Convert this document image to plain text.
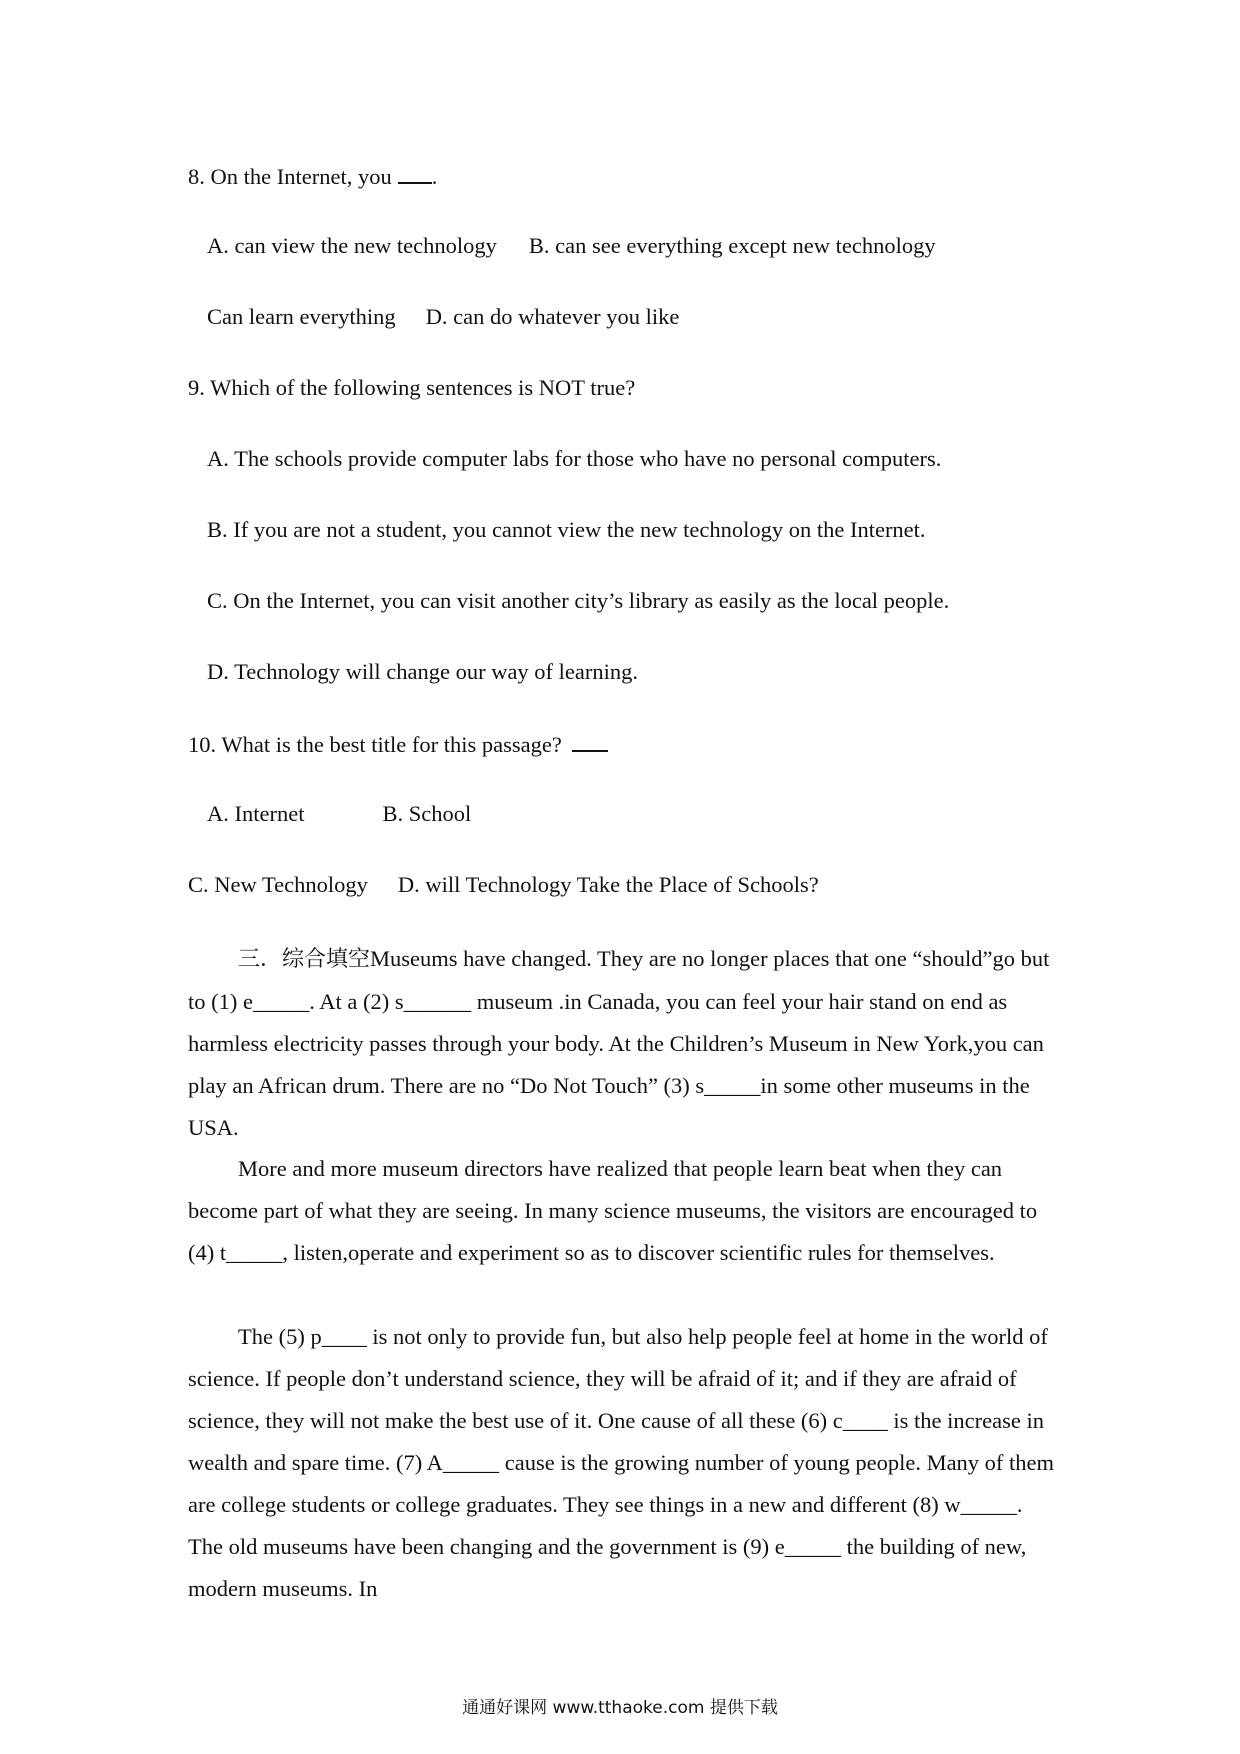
8. On the Internet, you .
A. can view the new technology B. can see everything except new technology
Can learn everything D. can do whatever you like
9. Which of the following sentences is NOT true?
A. The schools provide computer labs for those who have no personal computers.
B. If you are not a student, you cannot view the new technology on the Internet.
C. On the Internet, you can visit another city’s library as easily as the local people.
D. Technology will change our way of learning.
10. What is the best title for this passage?
A. Internet	B. School
C. New Technology D. will Technology Take the Place of Schools?
三．综合填空Museums have changed. They are no longer places that one “should”go but to (1) e_____. At a (2) s______ museum .in Canada, you can feel your hair stand on end as harmless electricity passes through your body. At the Children’s Museum in New York,you can play an African drum. There are no “Do Not Touch” (3) s_____in some other museums in the USA.
More and more museum directors have realized that people learn beat when they can become part of what they are seeing. In many science museums, the visitors are encouraged to (4) t_____, listen,operate and experiment so as to discover scientific rules for themselves.
The (5) p____ is not only to provide fun, but also help people feel at home in the world of science. If people don’t understand science, they will be afraid of it; and if they are afraid of science, they will not make the best use of it. One cause of all these (6) c____ is the increase in wealth and spare time. (7) A_____ cause is the growing number of young people. Many of them are college students or college graduates. They see things in a new and different (8) w_____. The old museums have been changing and the government is (9) e_____ the building of new, modern museums. In
通通好课网 www.tthaoke.com 提供下载
